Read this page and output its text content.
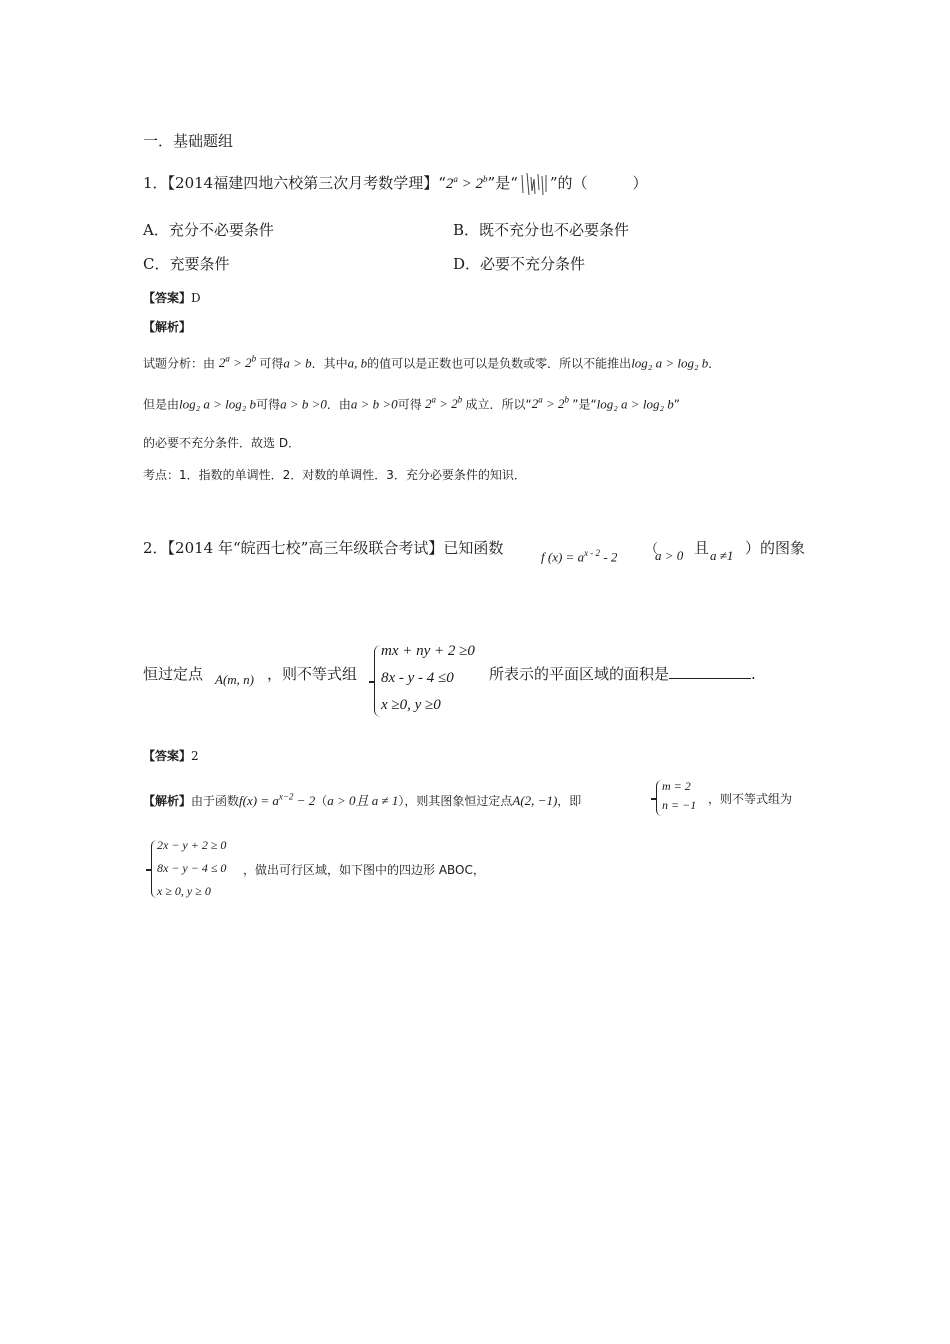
一．基础题组
1．【2014福建四地六校第三次月考数学理】“$2^a > 2^b$”是“ ”的（　　　）
A．充分不必要条件	B．既不充分也不必要条件
C．充要条件	D．必要不充分条件
【答案】D
【解析】
试题分析：由 $2^a > 2^b$ 可得a > b．其中a, b的值可以是正数也可以是负数或零．所以不能推出log₂ a > log₂ b．
但是由log₂ a > log₂ b可得a > b >0．由a > b >0可得 $2^a > 2^b$ 成立．所以“$2^a > 2^b$ ”是“log₂ a > log₂ b”
的必要不充分条件．故选 D．
考点：1．指数的单调性．2．对数的单调性．3．充分必要条件的知识．
2．【2014 年“皖西七校”高三年级联合考试】已知函数	f $(x) = a^{x - 2} - 2$ （
a > 0 且 a ≠1 ）的图象
恒过定点 A(m, n) ，则不等式组
mx + ny + 2 ≥0
8x - y - 4 ≤0
x ≥0, y ≥0
所表示的平面区域的面积是	.
【答案】2
【解析】由于函数$f(x) = a^{x-2} - 2(a > 0$且 a ≠ 1），则其图象恒过定点A(2, −1)，即
m = 2
n = −1 ，则不等式组为
2x − y + 2 ≥ 0
8x − y − 4 ≤ 0
x ≥ 0, y ≥ 0
，做出可行区域，如下图中的四边形 ABOC，
